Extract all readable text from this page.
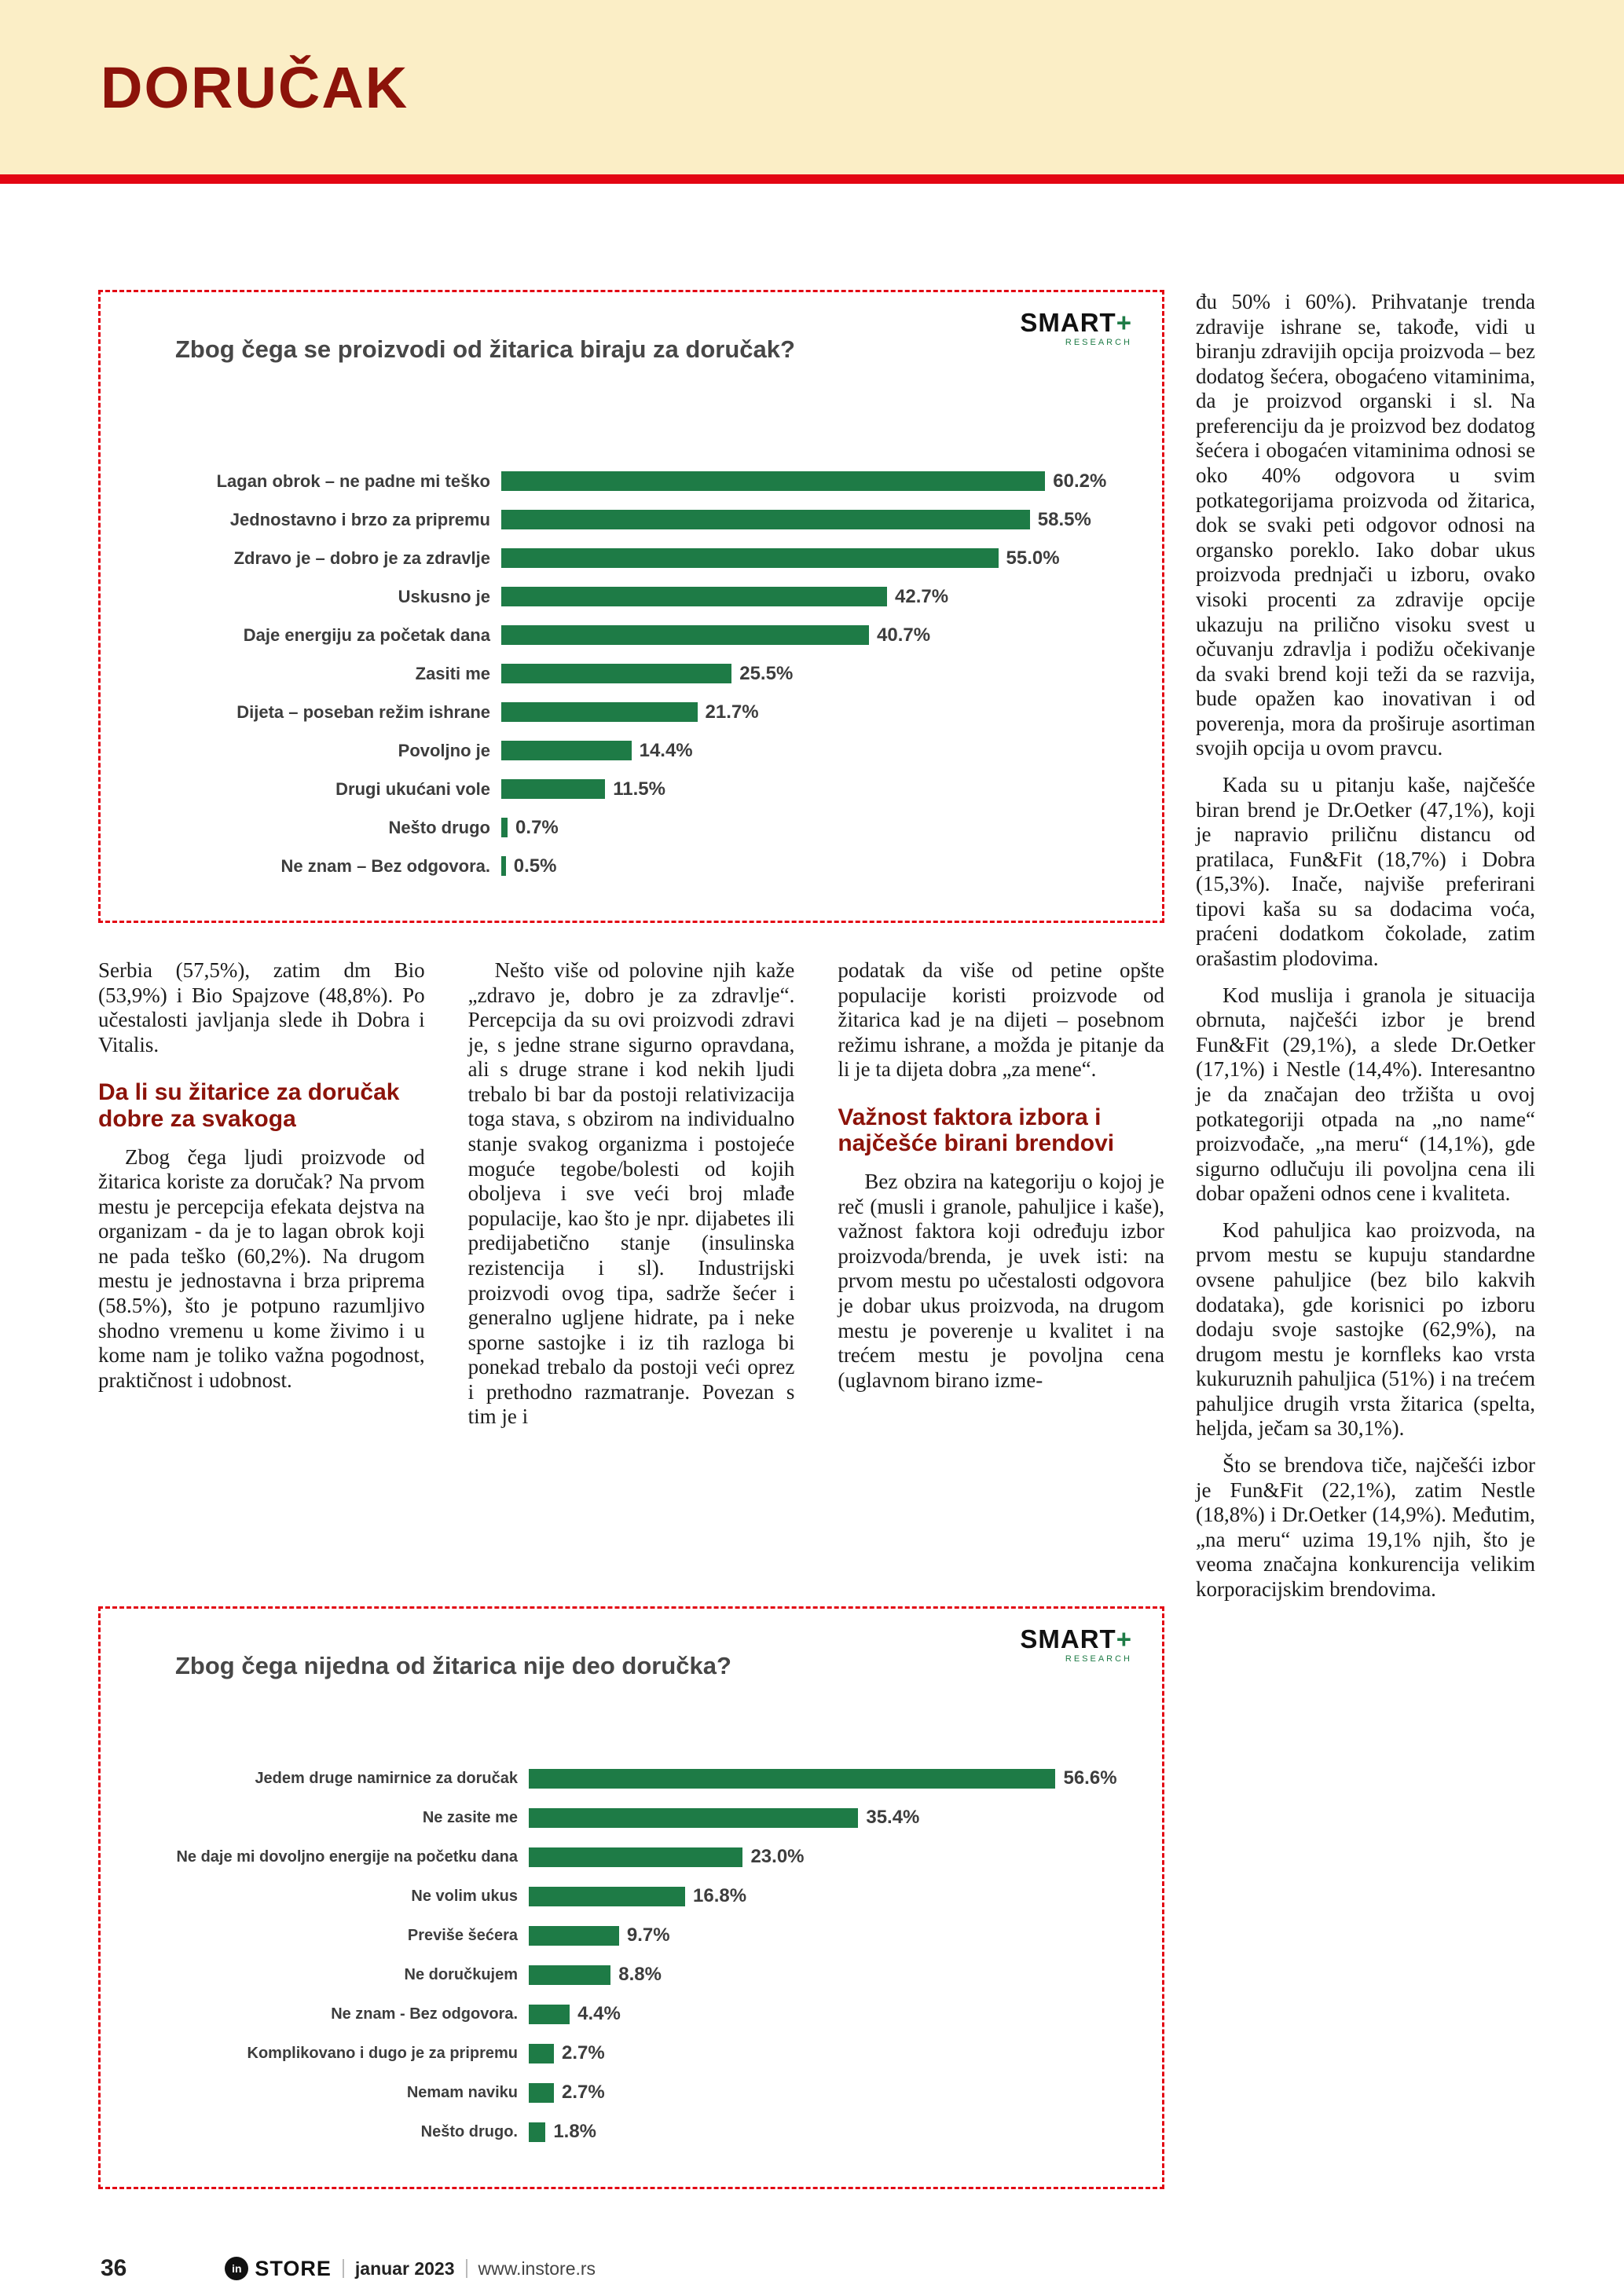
DORUČAK
SMART+
RESEARCH
Zbog čega se proizvodi od žitarica biraju za doručak?
Lagan obrok – ne padne mi teško	60.2%
Jednostavno i brzo za pripremu	58.5%
Zdravo je – dobro je za zdravlje	55.0%
Uskusno je	42.7%
Daje energiju za početak dana	40.7%
Zasiti me	25.5%
Dijeta – poseban režim ishrane	21.7%
Povoljno je	14.4%
Drugi ukućani vole	11.5%
Nešto drugo	0.7%
Ne znam – Bez odgovora.	0.5%

Serbia (57,5%), zatim dm Bio (53,9%) i Bio Spajzove (48,8%). Po učestalosti javljanja slede ih Dobra i Vitalis.

Da li su žitarice za doručak dobre za svakoga

Zbog čega ljudi proizvode od žitarica koriste za doručak? Na prvom mestu je percepcija efekata dejstva na organizam - da je to lagan obrok koji ne pada teško (60,2%). Na drugom mestu je jednostavna i brza priprema (58.5%), što je potpuno razumljivo shodno vremenu u kome živimo i u kome nam je toliko važna pogodnost, praktičnost i udobnost.

Nešto više od polovine njih kaže „zdravo je, dobro je za zdravlje“. Percepcija da su ovi proizvodi zdravi je, s jedne strane sigurno opravdana, ali s druge strane i kod nekih ljudi trebalo bi bar da postoji relativizacija toga stava, s obzirom na individualno stanje svakog organizma i postojeće moguće tegobe/bolesti od kojih oboljeva i sve veći broj mlađe populacije, kao što je npr. dijabetes ili predijabetično stanje (insulinska rezistencija i sl). Industrijski proizvodi ovog tipa, sadrže šećer i generalno ugljene hidrate, pa i neke sporne sastojke i iz tih razloga bi ponekad trebalo da postoji veći oprez i prethodno razmatranje. Povezan s tim je i

podatak da više od petine opšte populacije koristi proizvode od žitarica kad je na dijeti – posebnom režimu ishrane, a možda je pitanje da li je ta dijeta dobra „za mene“.

Važnost faktora izbora i najčešće birani brendovi

Bez obzira na kategoriju o kojoj je reč (musli i granole, pahuljice i kaše), važnost faktora koji određuju izbor proizvoda/brenda, je uvek isti: na prvom mestu po učestalosti odgovora je dobar ukus proizvoda, na drugom mestu je poverenje u kvalitet i na trećem mestu je povoljna cena (uglavnom birano izme-

SMART+
RESEARCH
Zbog čega nijedna od žitarica nije deo doručka?
Jedem druge namirnice za doručak	56.6%
Ne zasite me	35.4%
Ne daje mi dovoljno energije na početku dana	23.0%
Ne volim ukus	16.8%
Previše šećera	9.7%
Ne doručkujem	8.8%
Ne znam - Bez odgovora.	4.4%
Komplikovano i dugo je za pripremu	2.7%
Nemam naviku	2.7%
Nešto drugo.	1.8%

đu 50% i 60%). Prihvatanje trenda zdravije ishrane se, takođe, vidi u biranju zdravijih opcija proizvoda – bez dodatog šećera, obogaćeno vitaminima, da je proizvod organski i sl. Na preferenciju da je proizvod bez dodatog šećera i obogaćen vitaminima odnosi se oko 40% odgovora u svim potkategorijama proizvoda od žitarica, dok se svaki peti odgovor odnosi na organsko poreklo. Iako dobar ukus proizvoda prednjači u izboru, ovako visoki procenti za zdravije opcije ukazuju na prilično visoku svest u očuvanju zdravlja i podižu očekivanje da svaki brend koji teži da se razvija, bude opažen kao inovativan i od poverenja, mora da proširuje asortiman svojih opcija u ovom pravcu.

Kada su u pitanju kaše, najčešće biran brend je Dr.Oetker (47,1%), koji je napravio priličnu distancu od pratilaca, Fun&Fit (18,7%) i Dobra (15,3%). Inače, najviše preferirani tipovi kaša su sa dodacima voća, praćeni dodatkom čokolade, zatim orašastim plodovima.

Kod muslija i granola je situacija obrnuta, najčešći izbor je brend Fun&Fit (29,1%), a slede Dr.Oetker (17,1%) i Nestle (14,4%). Interesantno je da značajan deo tržišta u ovoj potkategoriji otpada na „no name“ proizvođače, „na meru“ (14,1%), gde sigurno odlučuju ili povoljna cena ili dobar opaženi odnos cene i kvaliteta.

Kod pahuljica kao proizvoda, na prvom mestu se kupuju standardne ovsene pahuljice (bez bilo kakvih dodataka), gde korisnici po izboru dodaju svoje sastojke (62,9%), na drugom mestu je kornfleks kao vrsta kukuruznih pahuljica (51%) i na trećem pahuljice drugih vrsta žitarica (spelta, heljda, ječam sa 30,1%).

Što se brendova tiče, najčešći izbor je Fun&Fit (22,1%), zatim Nestle (18,8%) i Dr.Oetker (14,9%). Međutim, „na meru“ uzima 19,1% njih, što je veoma značajna konkurencija velikim korporacijskim brendovima.

36	in STORE januar 2023 www.instore.rs
